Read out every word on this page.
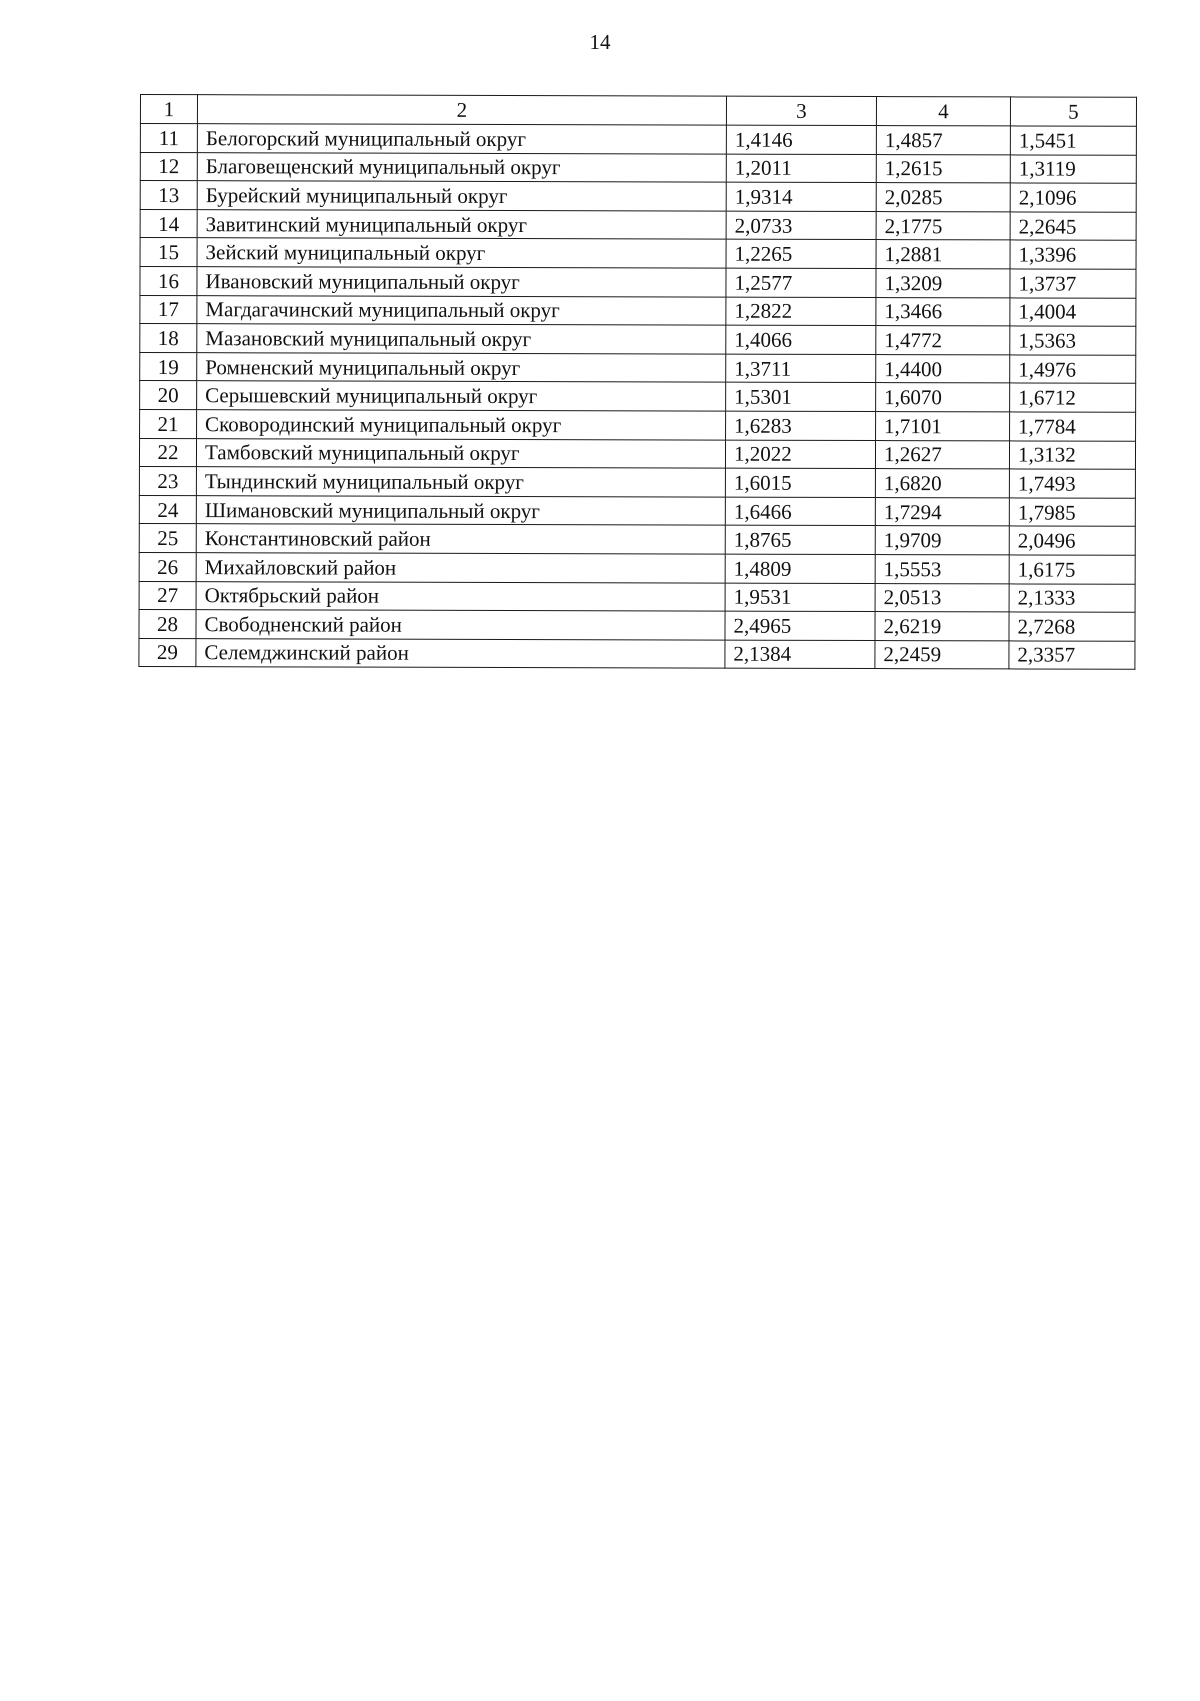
14
1	2	3	4	5
11	Белогорский муниципальный округ	1,4146	1,4857	1,5451
12	Благовещенский муниципальный округ	1,2011	1,2615	1,3119
13	Бурейский муниципальный округ	1,9314	2,0285	2,1096
14	Завитинский муниципальный округ	2,0733	2,1775	2,2645
15	Зейский муниципальный округ	1,2265	1,2881	1,3396
16	Ивановский муниципальный округ	1,2577	1,3209	1,3737
17	Магдагачинский муниципальный округ	1,2822	1,3466	1,4004
18	Мазановский муниципальный округ	1,4066	1,4772	1,5363
19	Ромненский муниципальный округ	1,3711	1,4400	1,4976
20	Серышевский муниципальный округ	1,5301	1,6070	1,6712
21	Сковородинский муниципальный округ	1,6283	1,7101	1,7784
22	Тамбовский муниципальный округ	1,2022	1,2627	1,3132
23	Тындинский муниципальный округ	1,6015	1,6820	1,7493
24	Шимановский муниципальный округ	1,6466	1,7294	1,7985
25	Константиновский район	1,8765	1,9709	2,0496
26	Михайловский район	1,4809	1,5553	1,6175
27	Октябрьский район	1,9531	2,0513	2,1333
28	Свободненский район	2,4965	2,6219	2,7268
29	Селемджинский район	2,1384	2,2459	2,3357
